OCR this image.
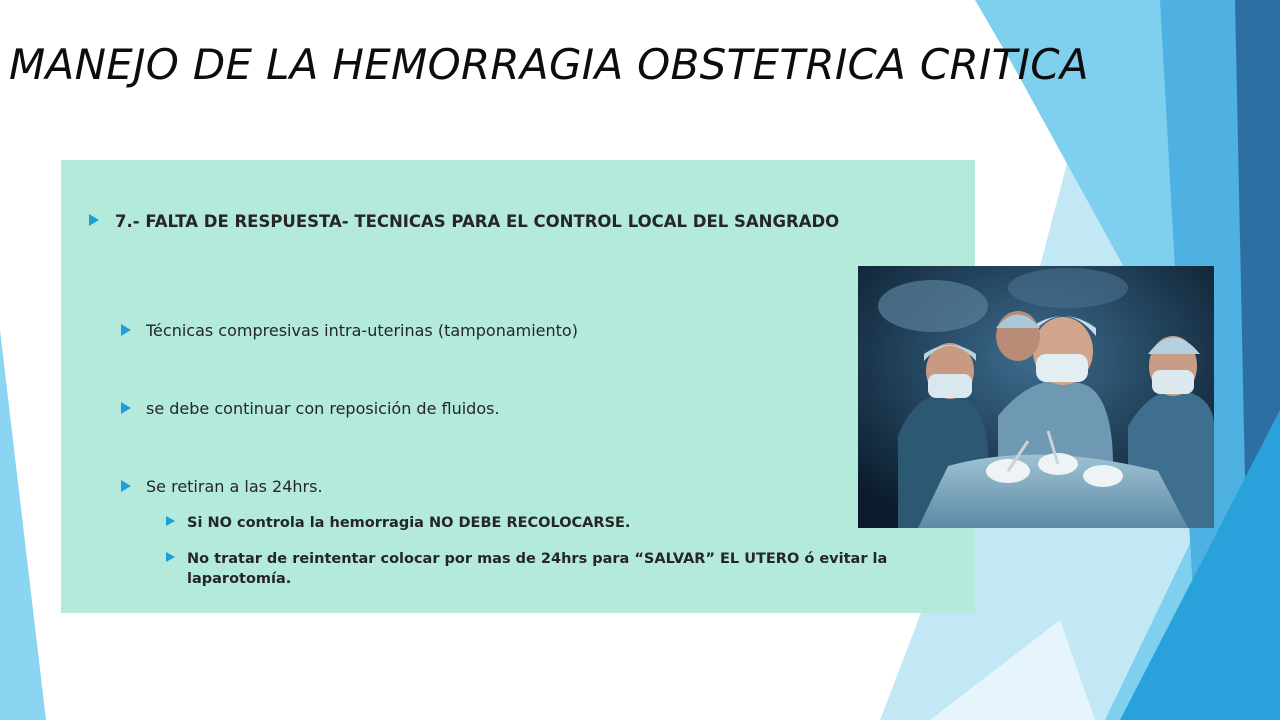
MANEJO DE LA HEMORRAGIA OBSTETRICA CRITICA
7.- FALTA DE RESPUESTA- TECNICAS PARA EL CONTROL LOCAL DEL SANGRADO
Técnicas compresivas intra-uterinas (tamponamiento)
se debe continuar con reposición de fluidos.
Se retiran a las 24hrs.
Si NO controla la hemorragia NO DEBE RECOLOCARSE.
No tratar de reintentar colocar por mas de 24hrs para “SALVAR” EL UTERO ó evitar la laparotomía.
